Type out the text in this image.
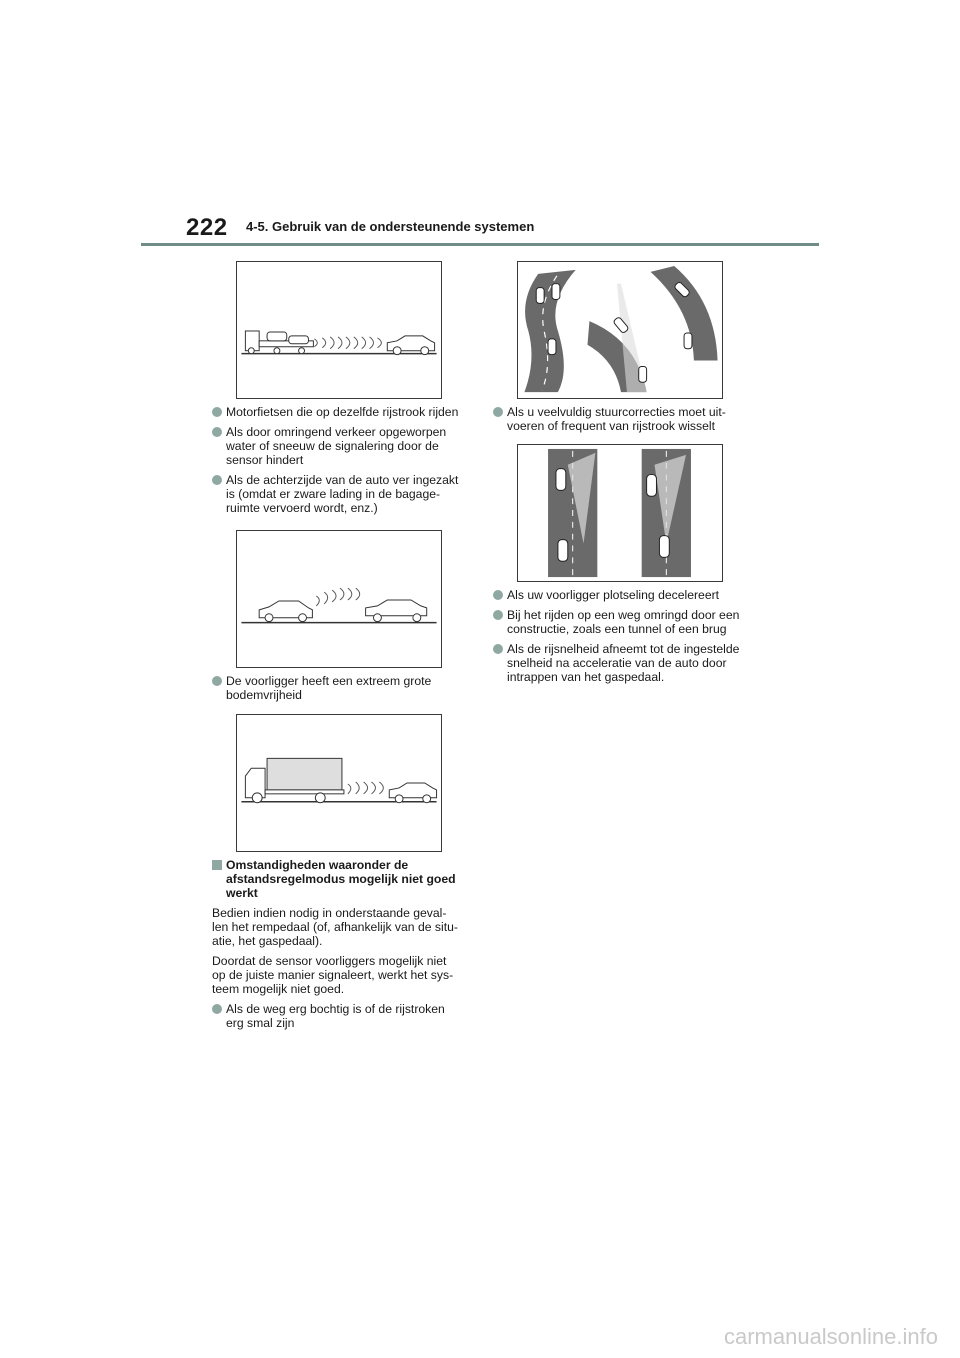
222 4-5. Gebruik van de ondersteunende systemen
Motorfietsen die op dezelfde rijstrook rijden
Als door omringend verkeer opgeworpen
water of sneeuw de signalering door de
sensor hindert
Als de achterzijde van de auto ver ingezakt
is (omdat er zware lading in de bagage-
ruimte vervoerd wordt, enz.)
Als u veelvuldig stuurcorrecties moet uit-
voeren of frequent van rijstrook wisselt
Als uw voorligger plotseling decelereert
Bij het rijden op een weg omringd door een
constructie, zoals een tunnel of een brug
Als de rijsnelheid afneemt tot de ingestelde
snelheid na acceleratie van de auto door
intrappen van het gaspedaal.
De voorligger heeft een extreem grote
bodemvrijheid
Omstandigheden waaronder de
afstandsregelmodus mogelijk niet goed
werkt
Bedien indien nodig in onderstaande geval-
len het rempedaal (of, afhankelijk van de situ-
atie, het gaspedaal).
Doordat de sensor voorliggers mogelijk niet
op de juiste manier signaleert, werkt het sys-
teem mogelijk niet goed.
Als de weg erg bochtig is of de rijstroken
erg smal zijn
carmanualsonline.info
